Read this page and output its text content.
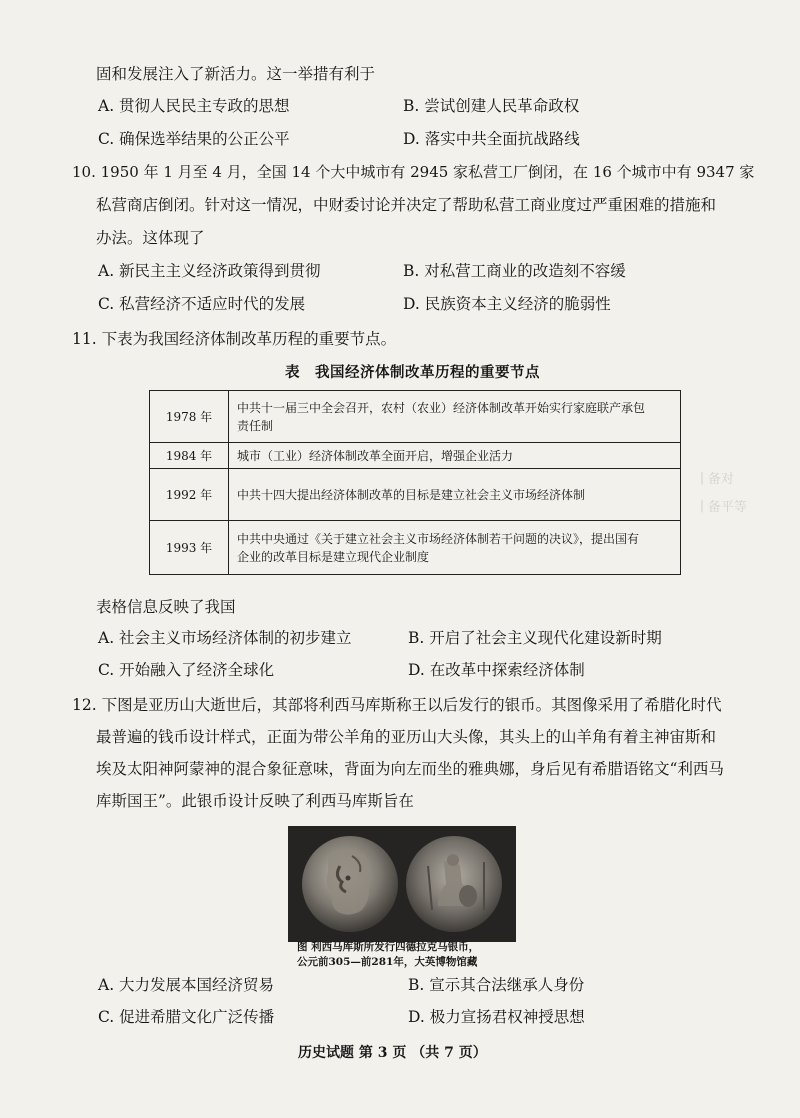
∣ 备对
∣ 备平等
固和发展注入了新活力。这一举措有利于
A. 贯彻人民民主专政的思想	B. 尝试创建人民革命政权
C. 确保选举结果的公正公平	D. 落实中共全面抗战路线
10. 1950 年 1 月至 4 月，全国 14 个大中城市有 2945 家私营工厂倒闭，在 16 个城市中有 9347 家
私营商店倒闭。针对这一情况，中财委讨论并决定了帮助私营工商业度过严重困难的措施和
办法。这体现了
A. 新民主主义经济政策得到贯彻	B. 对私营工商业的改造刻不容缓
C. 私营经济不适应时代的发展	D. 民族资本主义经济的脆弱性
11. 下表为我国经济体制改革历程的重要节点。
表　我国经济体制改革历程的重要节点
1978 年	中共十一届三中全会召开，农村（农业）经济体制改革开始实行家庭联产承包
责任制

1984 年	城市（工业）经济体制改革全面开启，增强企业活力

1992 年	中共十四大提出经济体制改革的目标是建立社会主义市场经济体制

1993 年	中共中央通过《关于建立社会主义市场经济体制若干问题的决议》，提出国有
企业的改革目标是建立现代企业制度
表格信息反映了我国
A. 社会主义市场经济体制的初步建立	B. 开启了社会主义现代化建设新时期
C. 开始融入了经济全球化	D. 在改革中探索经济体制
12. 下图是亚历山大逝世后，其部将利西马库斯称王以后发行的银币。其图像采用了希腊化时代
最普遍的钱币设计样式，正面为带公羊角的亚历山大头像，其头上的山羊角有着主神宙斯和
埃及太阳神阿蒙神的混合象征意味，背面为向左而坐的雅典娜，身后见有希腊语铭文“利西马
库斯国王”。此银币设计反映了利西马库斯旨在
图 利西马库斯所发行四德拉克马银币，
公元前305—前281年，大英博物馆藏
A. 大力发展本国经济贸易	B. 宣示其合法继承人身份
C. 促进希腊文化广泛传播	D. 极力宣扬君权神授思想
历史试题 第 3 页 （共 7 页）
